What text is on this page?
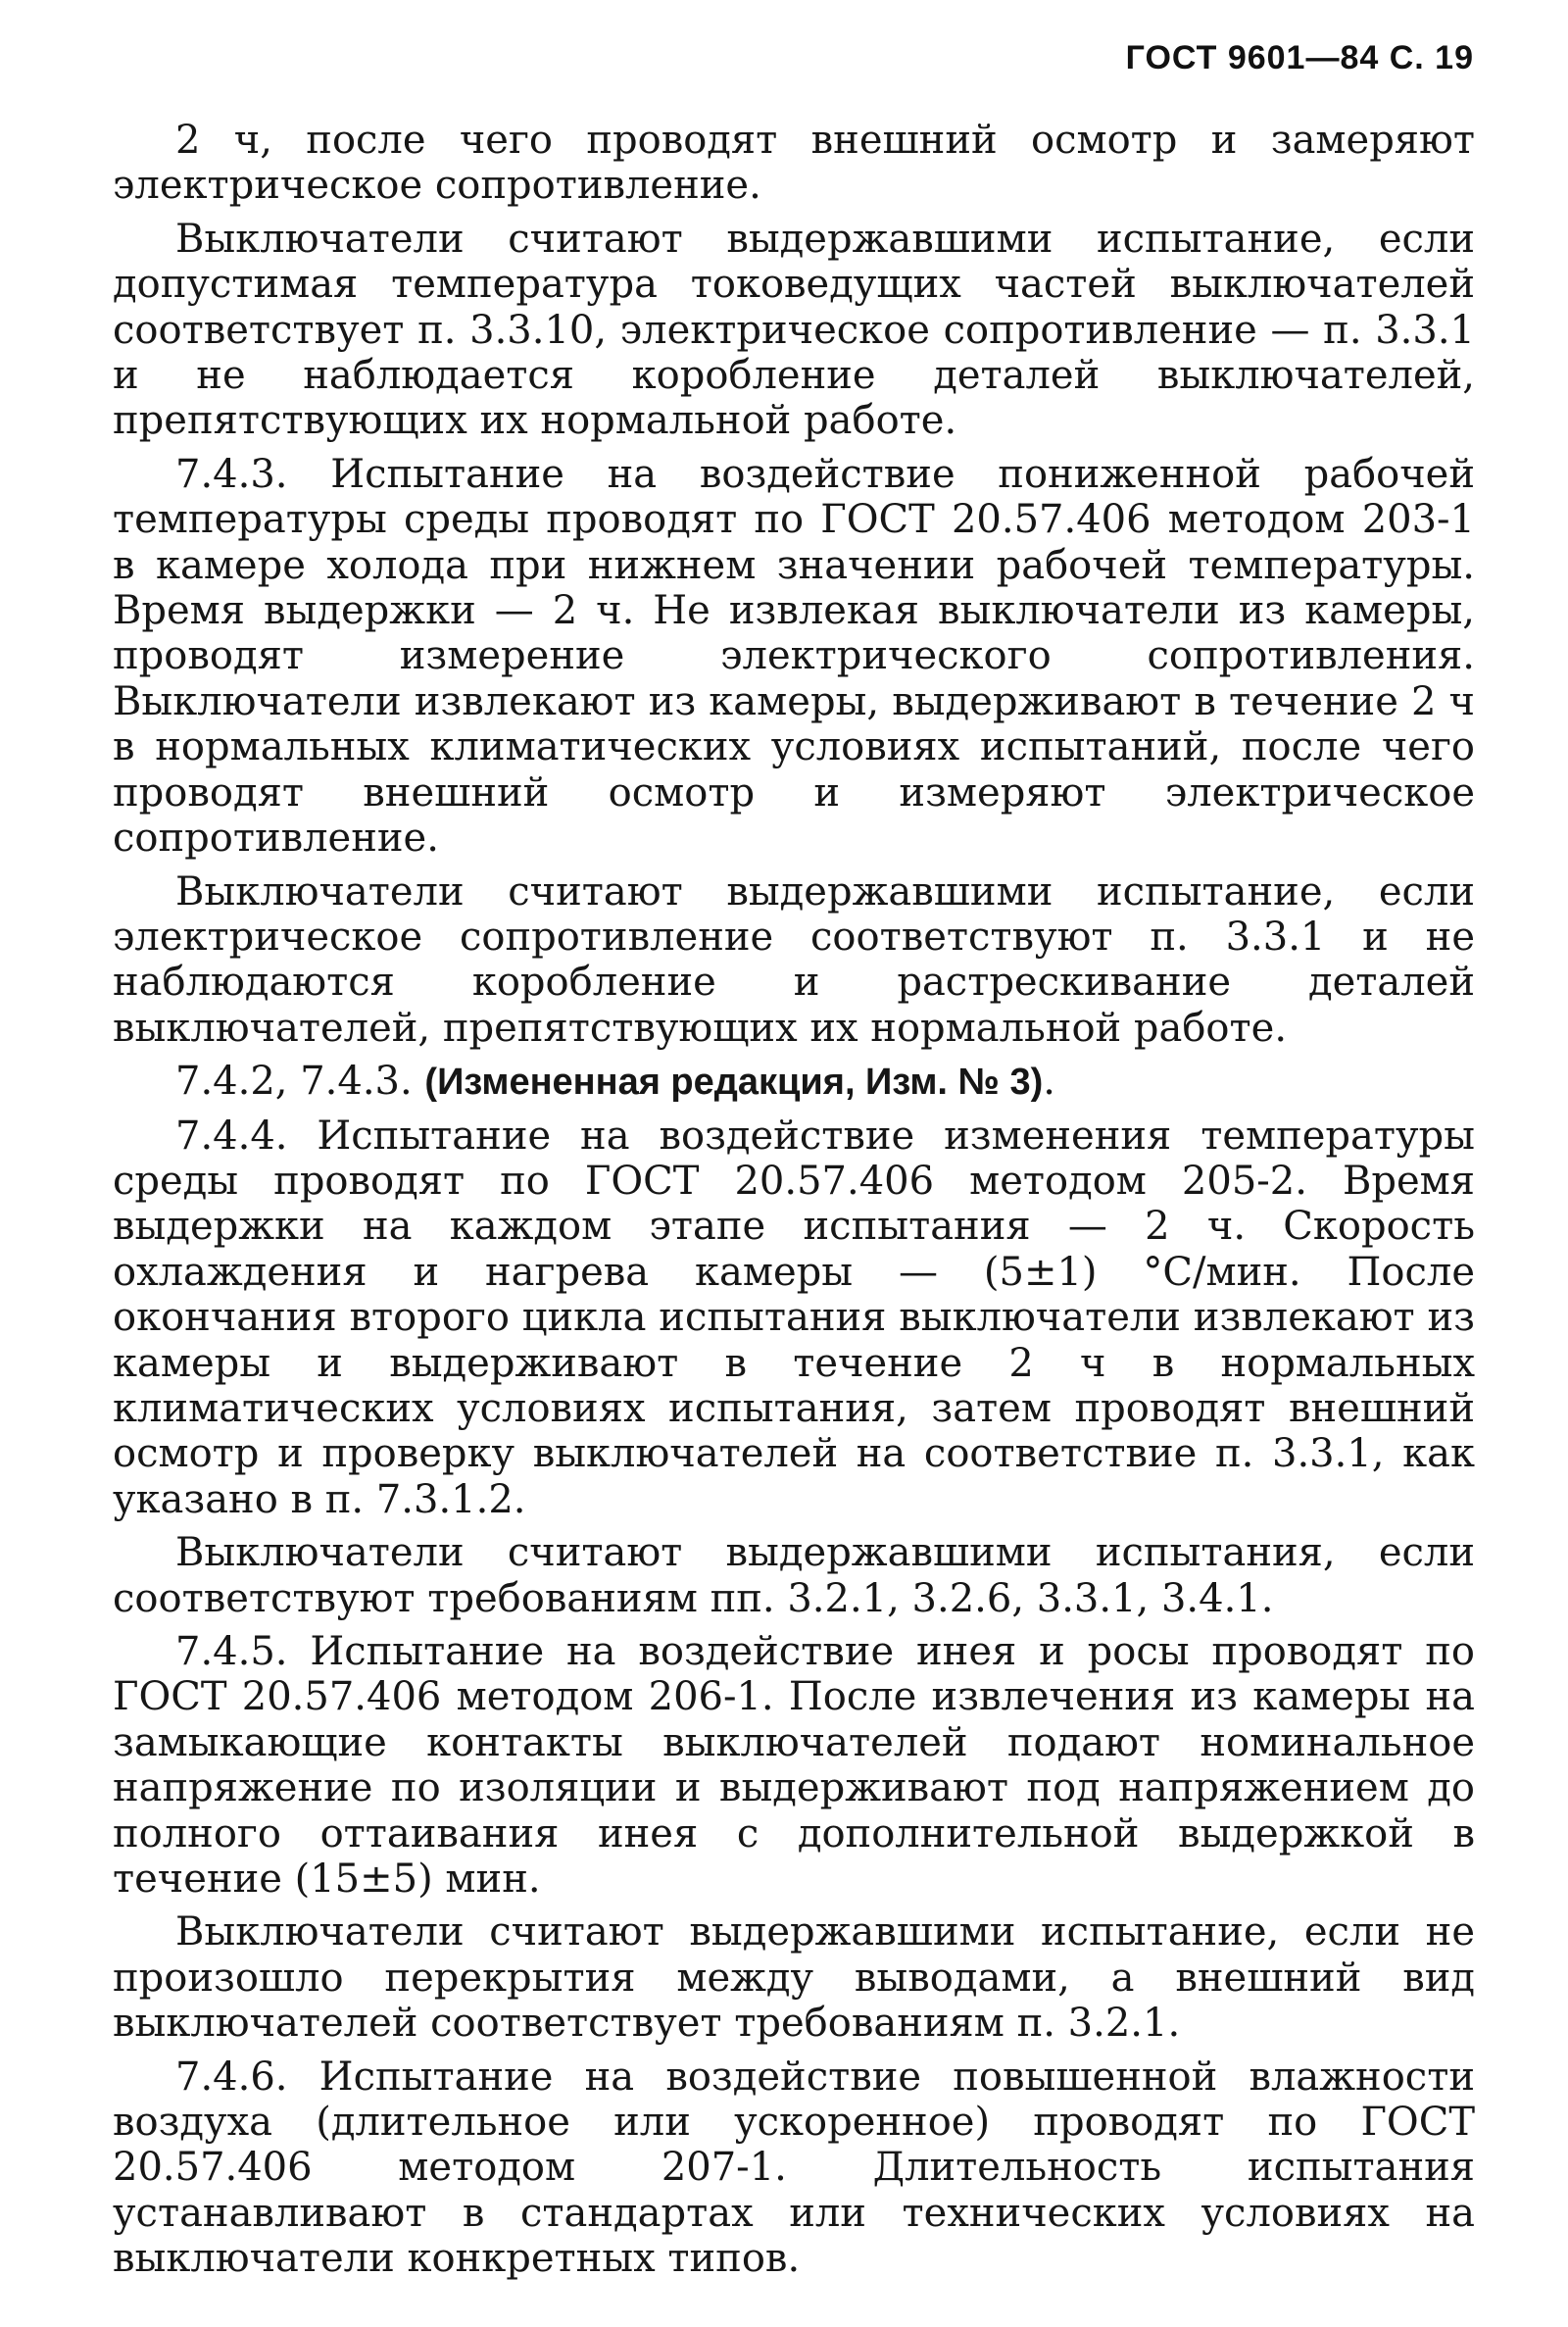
ГОСТ 9601—84 С. 19

2 ч, после чего проводят внешний осмотр и замеряют электрическое сопротивление.

Выключатели считают выдержавшими испытание, если допустимая температура токоведущих частей выключателей соответствует п. 3.3.10, электрическое сопротивление — п. 3.3.1 и не наблюдается коробление деталей выключателей, препятствующих их нормальной работе.

7.4.3. Испытание на воздействие пониженной рабочей температуры среды проводят по ГОСТ 20.57.406 методом 203-1 в камере холода при нижнем значении рабочей температуры. Время выдержки — 2 ч. Не извлекая выключатели из камеры, проводят измерение электрического сопротивления. Выключатели извлекают из камеры, выдерживают в течение 2 ч в нормальных климатических условиях испытаний, после чего проводят внешний осмотр и измеряют электрическое сопротивление.

Выключатели считают выдержавшими испытание, если электрическое сопротивление соответствуют п. 3.3.1 и не наблюдаются коробление и растрескивание деталей выключателей, препятствующих их нормальной работе.

7.4.2, 7.4.3. (Измененная редакция, Изм. № 3).

7.4.4. Испытание на воздействие изменения температуры среды проводят по ГОСТ 20.57.406 методом 205-2. Время выдержки на каждом этапе испытания — 2 ч. Скорость охлаждения и нагрева камеры — (5±1) °С/мин. После окончания второго цикла испытания выключатели извлекают из камеры и выдерживают в течение 2 ч в нормальных климатических условиях испытания, затем проводят внешний осмотр и проверку выключателей на соответствие п. 3.3.1, как указано в п. 7.3.1.2.

Выключатели считают выдержавшими испытания, если соответствуют требованиям пп. 3.2.1, 3.2.6, 3.3.1, 3.4.1.

7.4.5. Испытание на воздействие инея и росы проводят по ГОСТ 20.57.406 методом 206-1. После извлечения из камеры на замыкающие контакты выключателей подают номинальное напряжение по изоляции и выдерживают под напряжением до полного оттаивания инея с дополнительной выдержкой в течение (15±5) мин.

Выключатели считают выдержавшими испытание, если не произошло перекрытия между выводами, а внешний вид выключателей соответствует требованиям п. 3.2.1.

7.4.6. Испытание на воздействие повышенной влажности воздуха (длительное или ускоренное) проводят по ГОСТ 20.57.406 методом 207-1. Длительность испытания устанавливают в стандартах или технических условиях на выключатели конкретных типов.
